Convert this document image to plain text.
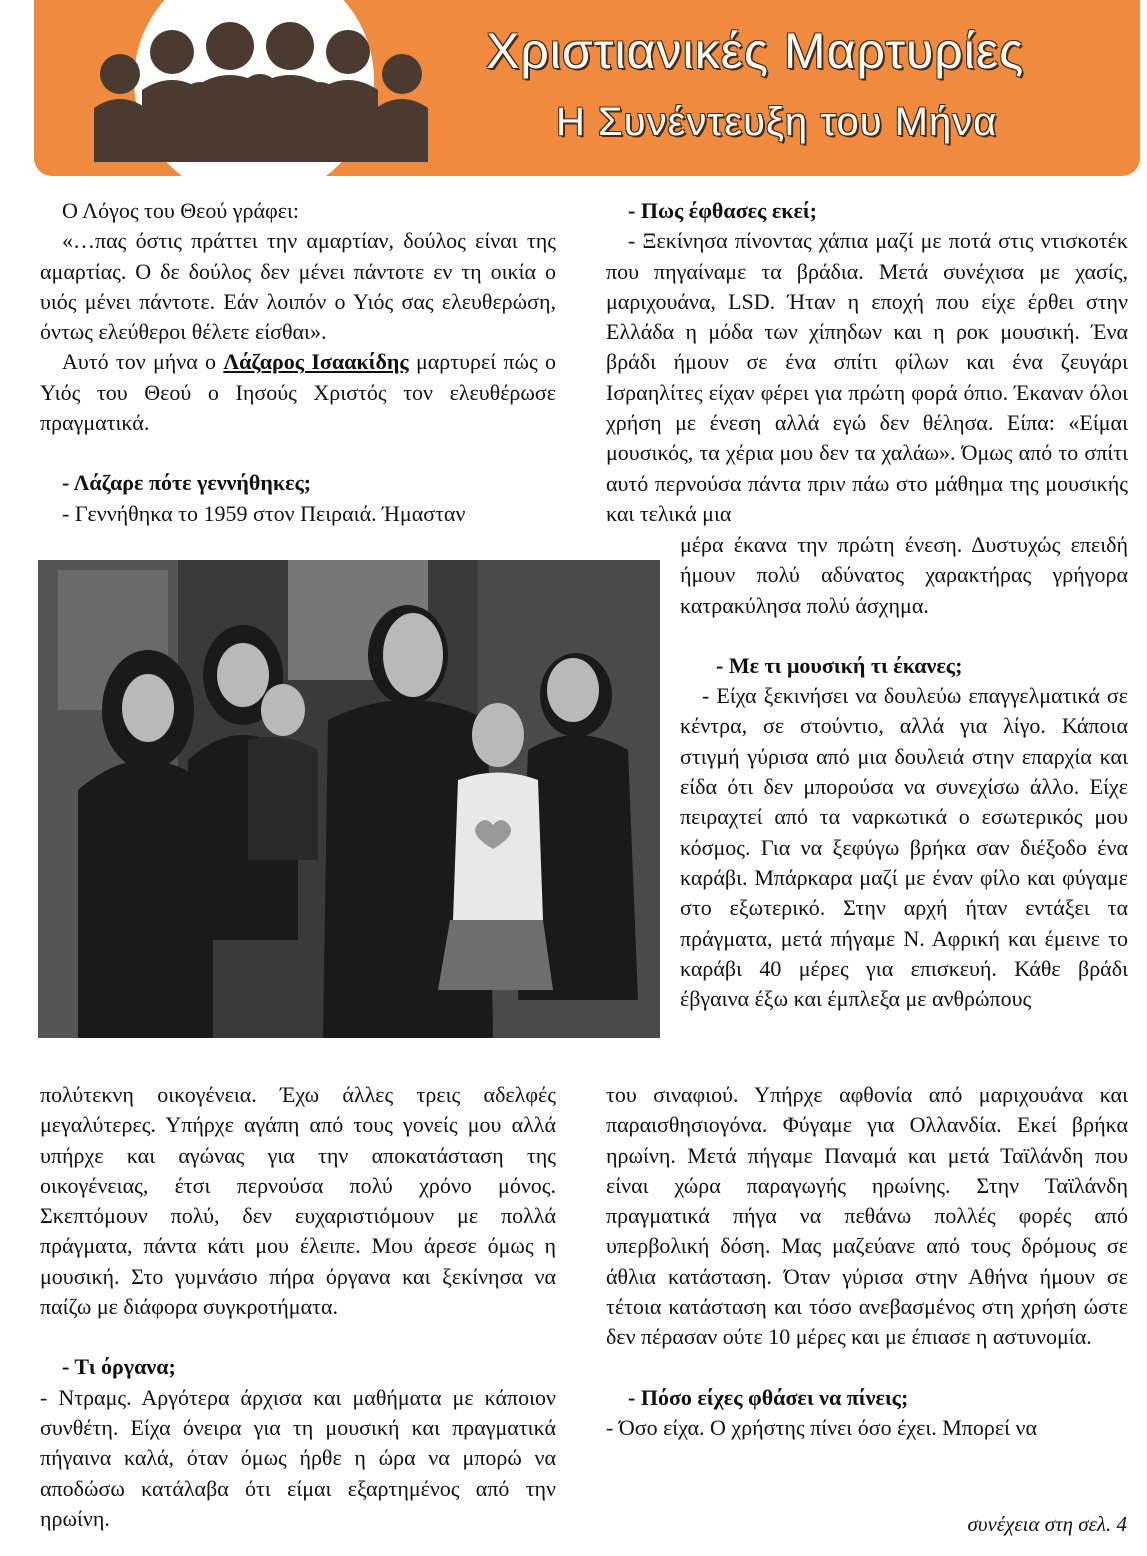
Χριστιανικές Μαρτυρίες
Η Συνέντευξη του Μήνα

Ο Λόγος του Θεού γράφει:

«…πας όστις πράττει την αμαρτίαν, δούλος είναι της αμαρτίας. Ο δε δούλος δεν μένει πάντοτε εν τη οικία ο υιός μένει πάντοτε. Εάν λοιπόν ο Υιός σας ελευθερώση, όντως ελεύθεροι θέλετε είσθαι».

Αυτό τον μήνα ο Λάζαρος Ισαακίδης μαρτυρεί πώς ο Υιός του Θεού ο Ιησούς Χριστός τον ελευθέρωσε πραγματικά.

- Λάζαρε πότε γεννήθηκες;

- Γεννήθηκα το 1959 στον Πειραιά. Ήμασταν

πολύτεκνη οικογένεια. Έχω άλλες τρεις αδελφές μεγαλύτερες. Υπήρχε αγάπη από τους γονείς μου αλλά υπήρχε και αγώνας για την αποκατάσταση της οικογένειας, έτσι περνούσα πολύ χρόνο μόνος. Σκεπτόμουν πολύ, δεν ευχαριστιόμουν με πολλά πράγματα, πάντα κάτι μου έλειπε. Μου άρεσε όμως η μουσική. Στο γυμνάσιο πήρα όργανα και ξεκίνησα να παίζω με διάφορα συγκροτήματα.

- Τι όργανα;

- Ντραμς. Αργότερα άρχισα και μαθήματα με κάποιον συνθέτη. Είχα όνειρα για τη μουσική και πραγματικά πήγαινα καλά, όταν όμως ήρθε η ώρα να μπορώ να αποδώσω κατάλαβα ότι είμαι εξαρτημένος από την ηρωίνη.

- Πως έφθασες εκεί;

- Ξεκίνησα πίνοντας χάπια μαζί με ποτά στις ντισκοτέκ που πηγαίναμε τα βράδια. Μετά συνέχισα με χασίς, μαριχουάνα, LSD. Ήταν η εποχή που είχε έρθει στην Ελλάδα η μόδα των χίπηδων και η ροκ μουσική. Ένα βράδι ήμουν σε ένα σπίτι φίλων και ένα ζευγάρι Ισραηλίτες είχαν φέρει για πρώτη φορά όπιο. Έκαναν όλοι χρήση με ένεση αλλά εγώ δεν θέλησα. Είπα: «Είμαι μουσικός, τα χέρια μου δεν τα χαλάω». Όμως από το σπίτι αυτό περνούσα πάντα πριν πάω στο μάθημα της μουσικής και τελικά μια

μέρα έκανα την πρώτη ένεση. Δυστυχώς επειδή ήμουν πολύ αδύνατος χαρακτήρας γρήγορα κατρακύλησα πολύ άσχημα.

- Με τι μουσική τι έκανες;

- Είχα ξεκινήσει να δουλεύω επαγγελματικά σε κέντρα, σε στούντιο, αλλά για λίγο. Κάποια στιγμή γύρισα από μια δουλειά στην επαρχία και είδα ότι δεν μπορούσα να συνεχίσω άλλο. Είχε πειραχτεί από τα ναρκωτικά ο εσωτερικός μου κόσμος. Για να ξεφύγω βρήκα σαν διέξοδο ένα καράβι. Μπάρκαρα μαζί με έναν φίλο και φύγαμε στο εξωτερικό. Στην αρχή ήταν εντάξει τα πράγματα, μετά πήγαμε Ν. Αφρική και έμεινε το καράβι 40 μέρες για επισκευή. Κάθε βράδι έβγαινα έξω και έμπλεξα με ανθρώπους

του σιναφιού. Υπήρχε αφθονία από μαριχουάνα και παραισθησιογόνα. Φύγαμε για Ολλανδία. Εκεί βρήκα ηρωίνη. Μετά πήγαμε Παναμά και μετά Ταϊλάνδη που είναι χώρα παραγωγής ηρωίνης. Στην Ταϊλάνδη πραγματικά πήγα να πεθάνω πολλές φορές από υπερβολική δόση. Μας μαζεύανε από τους δρόμους σε άθλια κατάσταση. Όταν γύρισα στην Αθήνα ήμουν σε τέτοια κατάσταση και τόσο ανεβασμένος στη χρήση ώστε δεν πέρασαν ούτε 10 μέρες και με έπιασε η αστυνομία.

- Πόσο είχες φθάσει να πίνεις;

- Όσο είχα. Ο χρήστης πίνει όσο έχει. Μπορεί να

συνέχεια στη σελ. 4
